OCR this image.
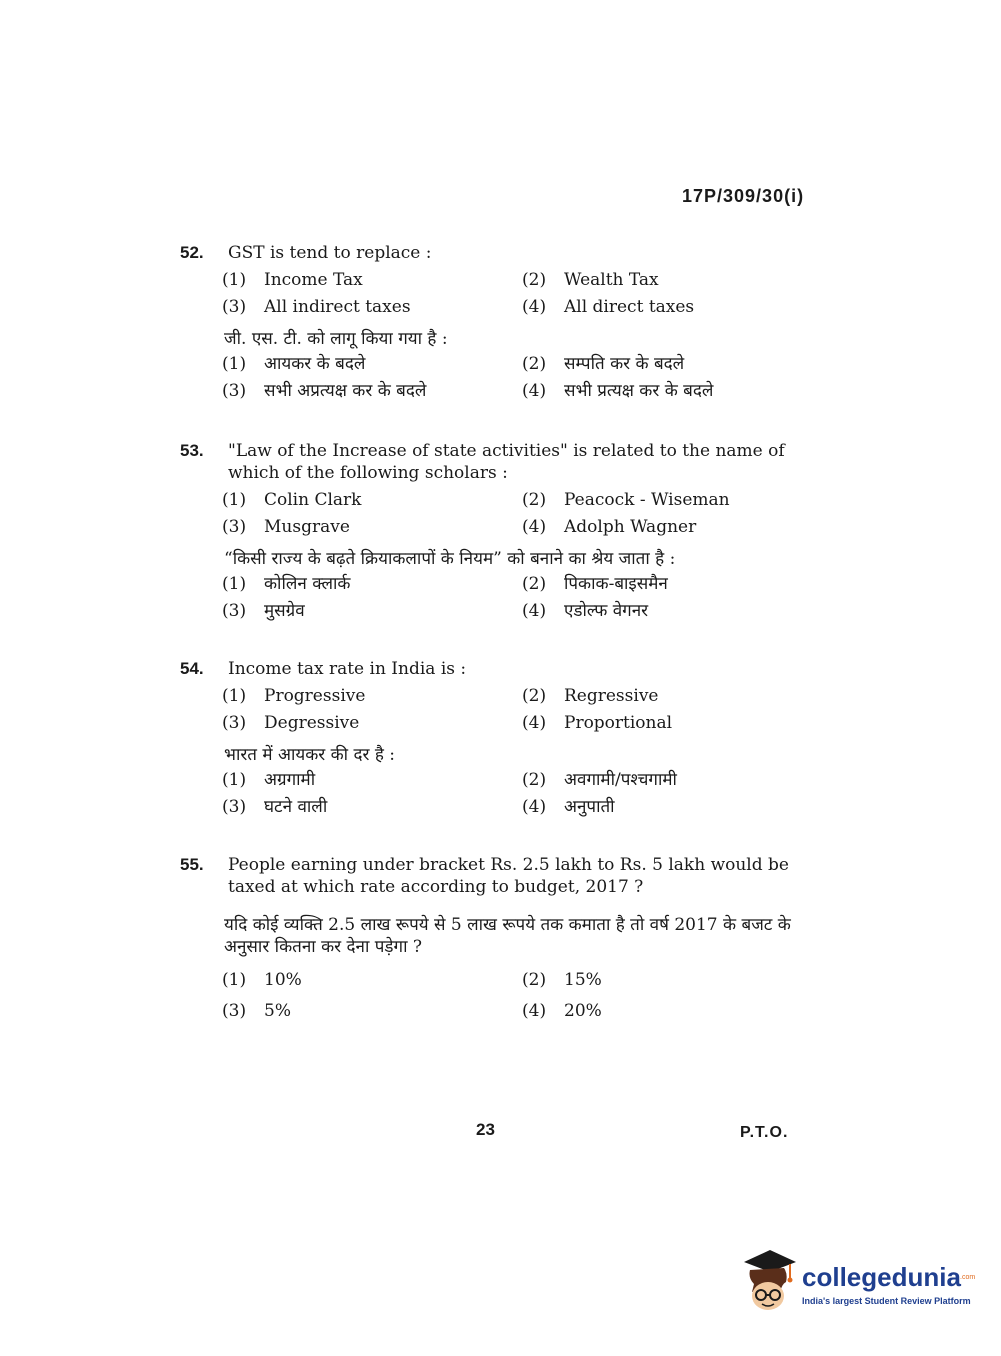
17P/309/30(i)
52.	GST is tend to replace :
(1)	Income Tax	(2)	Wealth Tax
(3)	All indirect taxes	(4)	All direct taxes
जी. एस. टी. को लागू किया गया है :
(1)	आयकर के बदले	(2)	सम्पति कर के बदले
(3)	सभी अप्रत्यक्ष कर के बदले	(4)	सभी प्रत्यक्ष कर के बदले
53.	"Law of the Increase of state activities" is related to the name of which of the following scholars :
(1)	Colin Clark	(2)	Peacock - Wiseman
(3)	Musgrave	(4)	Adolph Wagner
“किसी राज्य के बढ़ते क्रियाकलापों के नियम” को बनाने का श्रेय जाता है :
(1)	कोलिन क्लार्क	(2)	पिकाक-बाइसमैन
(3)	मुसग्रेव	(4)	एडोल्फ वेगनर
54.	Income tax rate in India is :
(1)	Progressive	(2)	Regressive
(3)	Degressive	(4)	Proportional
भारत में आयकर की दर है :
(1)	अग्रगामी	(2)	अवगामी/पश्चगामी
(3)	घटने वाली	(4)	अनुपाती
55.	People earning under bracket Rs. 2.5 lakh to Rs. 5 lakh would be taxed at which rate according to budget, 2017 ?
यदि कोई व्यक्ति 2.5 लाख रूपये से 5 लाख रूपये तक कमाता है तो वर्ष 2017 के बजट के अनुसार कितना कर देना पड़ेगा ?
(1)	10%	(2)	15%
(3)	5%	(4)	20%
23	P.T.O.
collegedunia .com
India's largest Student Review Platform
